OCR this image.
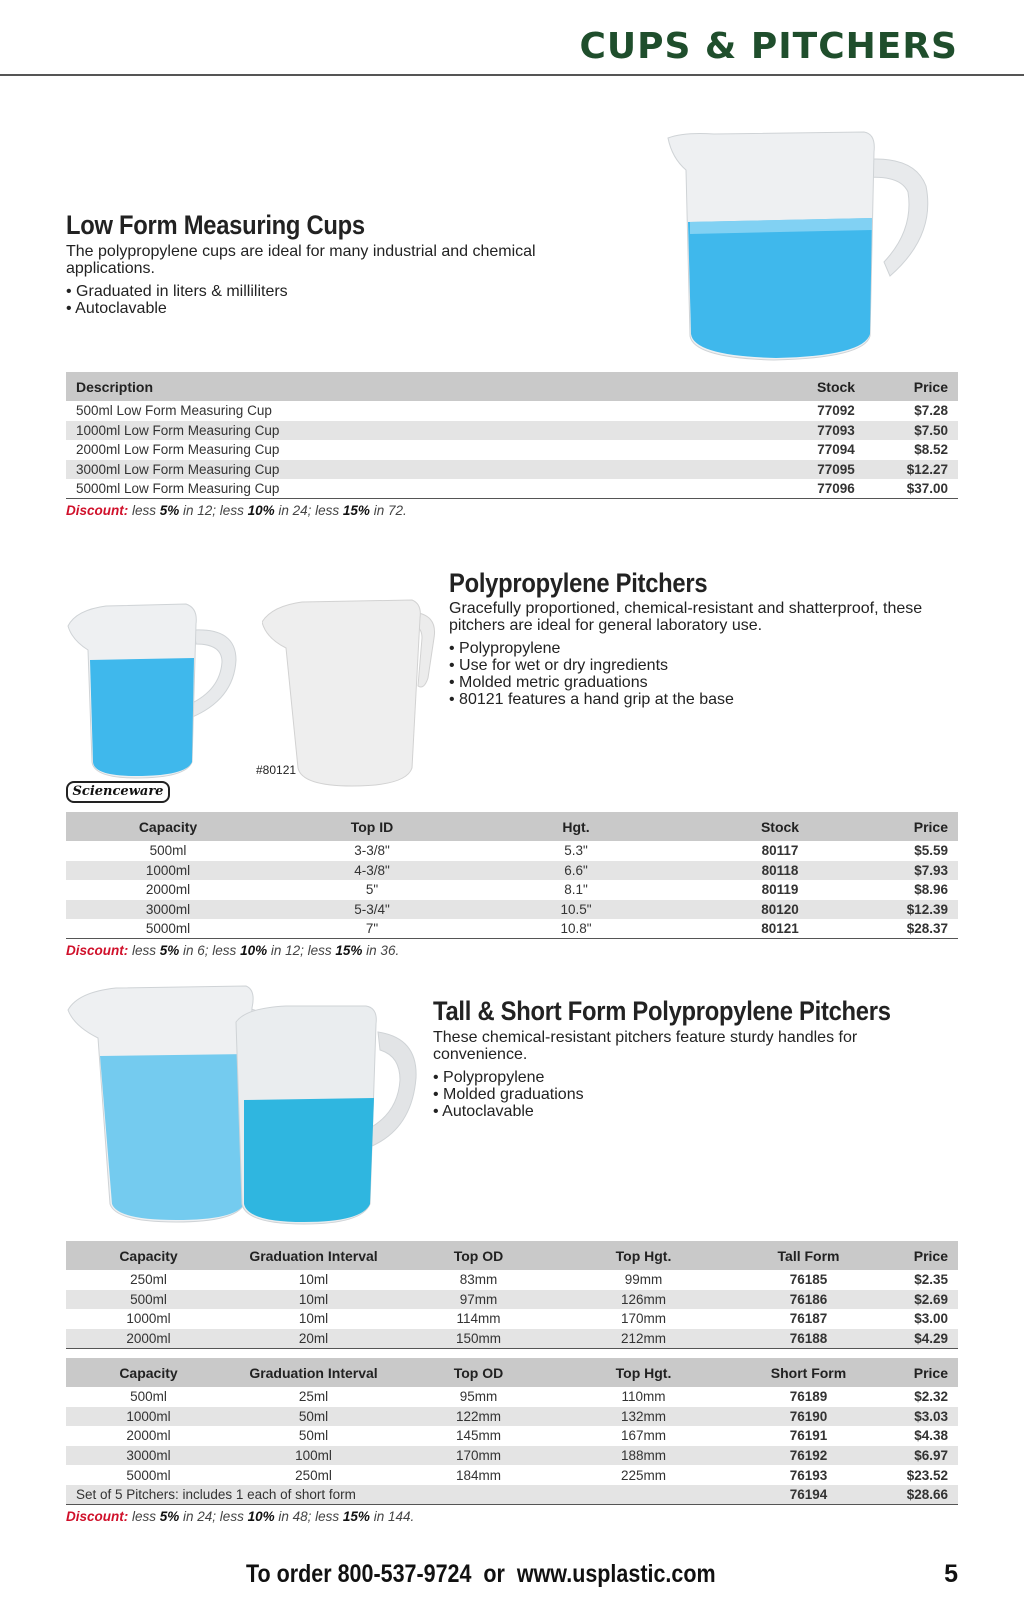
CUPS & PITCHERS
Low Form Measuring Cups
The polypropylene cups are ideal for many industrial and chemical applications.
• Graduated in liters & milliliters
• Autoclavable
Description	Stock	Price
500ml Low Form Measuring Cup	77092	$7.28
1000ml Low Form Measuring Cup	77093	$7.50
2000ml Low Form Measuring Cup	77094	$8.52
3000ml Low Form Measuring Cup	77095	$12.27
5000ml Low Form Measuring Cup	77096	$37.00
Discount: less 5% in 12; less 10% in 24; less 15% in 72.
#80121
Scienceware
Polypropylene Pitchers
Gracefully proportioned, chemical-resistant and shatterproof, these pitchers are ideal for general laboratory use.
• Polypropylene
• Use for wet or dry ingredients
• Molded metric graduations
• 80121 features a hand grip at the base
Capacity	Top ID	Hgt.	Stock	Price
500ml	3-3/8"	5.3"	80117	$5.59
1000ml	4-3/8"	6.6"	80118	$7.93
2000ml	5"	8.1"	80119	$8.96
3000ml	5-3/4"	10.5"	80120	$12.39
5000ml	7"	10.8"	80121	$28.37
Discount: less 5% in 6; less 10% in 12; less 15% in 36.
Tall & Short Form Polypropylene Pitchers
These chemical-resistant pitchers feature sturdy handles for convenience.
• Polypropylene
• Molded graduations
• Autoclavable
Capacity	Graduation Interval	Top OD	Top Hgt.	Tall Form	Price
250ml	10ml	83mm	99mm	76185	$2.35
500ml	10ml	97mm	126mm	76186	$2.69
1000ml	10ml	114mm	170mm	76187	$3.00
2000ml	20ml	150mm	212mm	76188	$4.29
Capacity	Graduation Interval	Top OD	Top Hgt.	Short Form	Price
500ml	25ml	95mm	110mm	76189	$2.32
1000ml	50ml	122mm	132mm	76190	$3.03
2000ml	50ml	145mm	167mm	76191	$4.38
3000ml	100ml	170mm	188mm	76192	$6.97
5000ml	250ml	184mm	225mm	76193	$23.52
Set of 5 Pitchers: includes 1 each of short form				76194	$28.66
Discount: less 5% in 24; less 10% in 48; less 15% in 144.
To order 800-537-9724  or  www.usplastic.com	5
